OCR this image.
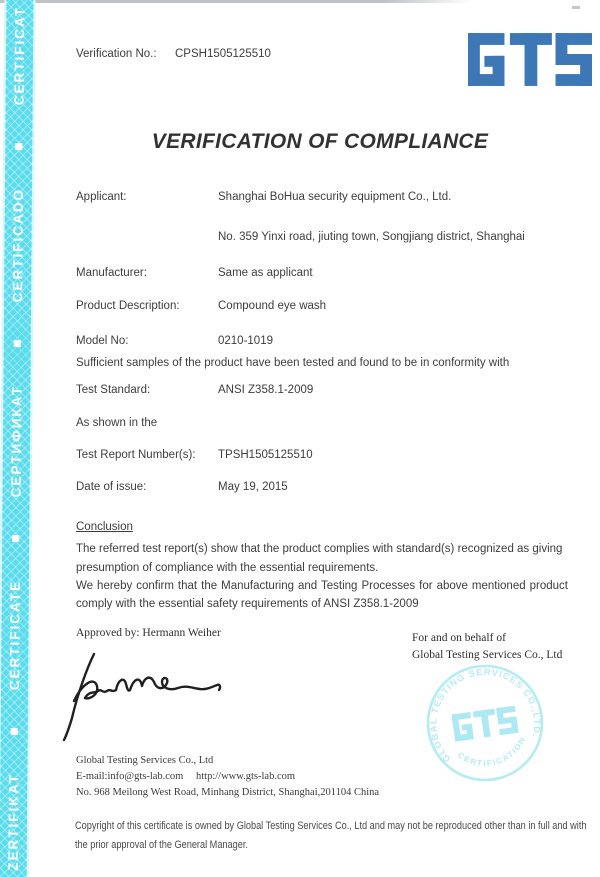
ZERTIFIKAT
CERTIFICATE
СЕРТИФИКАТ
CERTIFICADO
CERTIFICAT	Verification No.: CPSH1505125510
VERIFICATION OF COMPLIANCE
Applicant:	Shanghai BoHua security equipment Co., Ltd.
No. 359 Yinxi road, jiuting town, Songjiang district, Shanghai
Manufacturer:	Same as applicant
Product Description:	Compound eye wash
Model No:	0210-1019
Sufficient samples of the product have been tested and found to be in conformity with
Test Standard:	ANSI Z358.1-2009
As shown in the
Test Report Number(s): TPSH1505125510
Date of issue:	May 19, 2015
Conclusion
The referred test report(s) show that the product complies with standard(s) recognized as giving presumption of compliance with the essential requirements.
We hereby confirm that the Manufacturing and Testing Processes for above mentioned product comply with the essential safety requirements of ANSI Z358.1-2009
Approved by: Hermann Weiher	For and on behalf of
Global Testing Services Co., Ltd
GLOBAL TESTING SERVICES CO.,LTD.
CERTIFICATION
Global Testing Services Co., Ltd
E-mail:info@gts-lab.com http://www.gts-lab.com
No. 968 Meilong West Road, Minhang District, Shanghai,201104 China
Copyright of this certificate is owned by Global Testing Services Co., Ltd and may not be reproduced other than in full and with
the prior approval of the General Manager.
